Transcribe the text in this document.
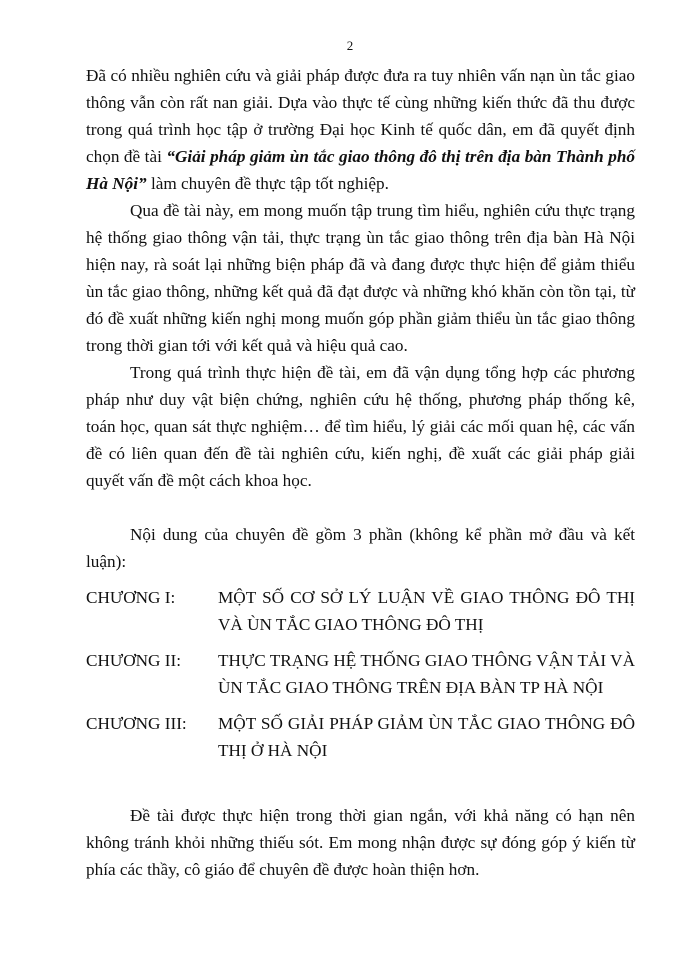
2

Đã có nhiều nghiên cứu và giải pháp được đưa ra tuy nhiên vấn nạn ùn tắc giao thông vẫn còn rất nan giải. Dựa vào thực tế cùng những kiến thức đã thu được trong quá trình học tập ở trường Đại học Kinh tế quốc dân, em đã quyết định chọn đề tài “Giải pháp giảm ùn tắc giao thông đô thị trên địa bàn Thành phố Hà Nội” làm chuyên đề thực tập tốt nghiệp.

Qua đề tài này, em mong muốn tập trung tìm hiểu, nghiên cứu thực trạng hệ thống giao thông vận tải, thực trạng ùn tắc giao thông trên địa bàn Hà Nội hiện nay, rà soát lại những biện pháp đã và đang được thực hiện để giảm thiểu ùn tắc giao thông, những kết quả đã đạt được và những khó khăn còn tồn tại, từ đó đề xuất những kiến nghị mong muốn góp phần giảm thiểu ùn tắc giao thông trong thời gian tới với kết quả và hiệu quả cao.

Trong quá trình thực hiện đề tài, em đã vận dụng tổng hợp các phương pháp như duy vật biện chứng, nghiên cứu hệ thống, phương pháp thống kê, toán học, quan sát thực nghiệm… để tìm hiểu, lý giải các mối quan hệ, các vấn đề có liên quan đến đề tài nghiên cứu, kiến nghị, đề xuất các giải pháp giải quyết vấn đề một cách khoa học.

Nội dung của chuyên đề gồm 3 phần (không kể phần mở đầu và kết luận):

CHƯƠNG I:	MỘT SỐ CƠ SỞ LÝ LUẬN VỀ GIAO THÔNG ĐÔ THỊ VÀ ÙN TẮC GIAO THÔNG ĐÔ THỊ
CHƯƠNG II:	THỰC TRẠNG HỆ THỐNG GIAO THÔNG VẬN TẢI VÀ ÙN TẮC GIAO THÔNG TRÊN ĐỊA BÀN TP HÀ NỘI
CHƯƠNG III:	MỘT SỐ GIẢI PHÁP GIẢM ÙN TẮC GIAO THÔNG ĐÔ THỊ Ở HÀ NỘI

Đề tài được thực hiện trong thời gian ngắn, với khả năng có hạn nên không tránh khỏi những thiếu sót. Em mong nhận được sự đóng góp ý kiến từ phía các thầy, cô giáo để chuyên đề được hoàn thiện hơn.
